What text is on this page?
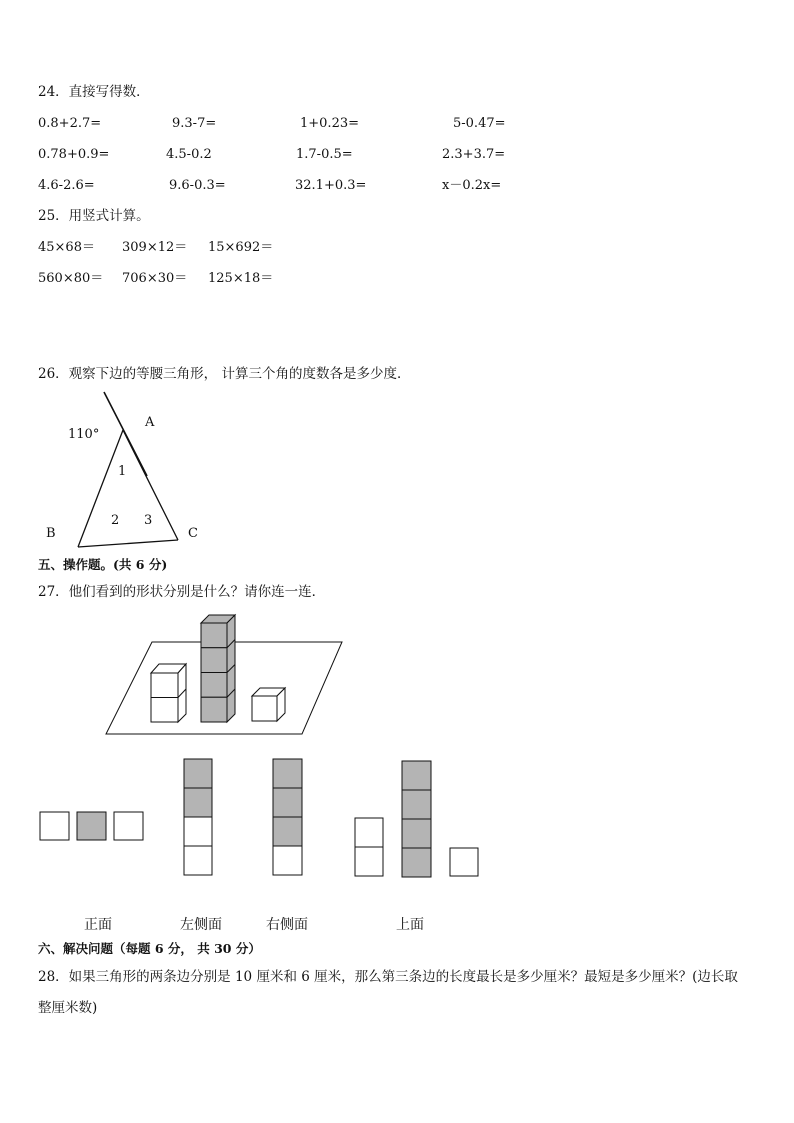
24．直接写得数．
0.8+2.7=	9.3-7=	1+0.23=	5-0.47=
0.78+0.9=	4.5-0.2	1.7-0.5=	2.3+3.7=
4.6-2.6=	9.6-0.3=	32.1+0.3=	x－0.2x=
25．用竖式计算。
45×68＝ 309×12＝ 15×692＝
560×80＝ 706×30＝ 125×18＝
26．观察下边的等腰三角形， 计算三个角的度数各是多少度．
110°
A
B	C
1
2 3
五、操作题。(共 6 分)
27．他们看到的形状分别是什么？请你连一连．
正面	左侧面	右侧面	上面
六、解决问题（每题 6 分， 共 30 分）
28．如果三角形的两条边分别是 10 厘米和 6 厘米，那么第三条边的长度最长是多少厘米？最短是多少厘米？(边长取
整厘米数)
